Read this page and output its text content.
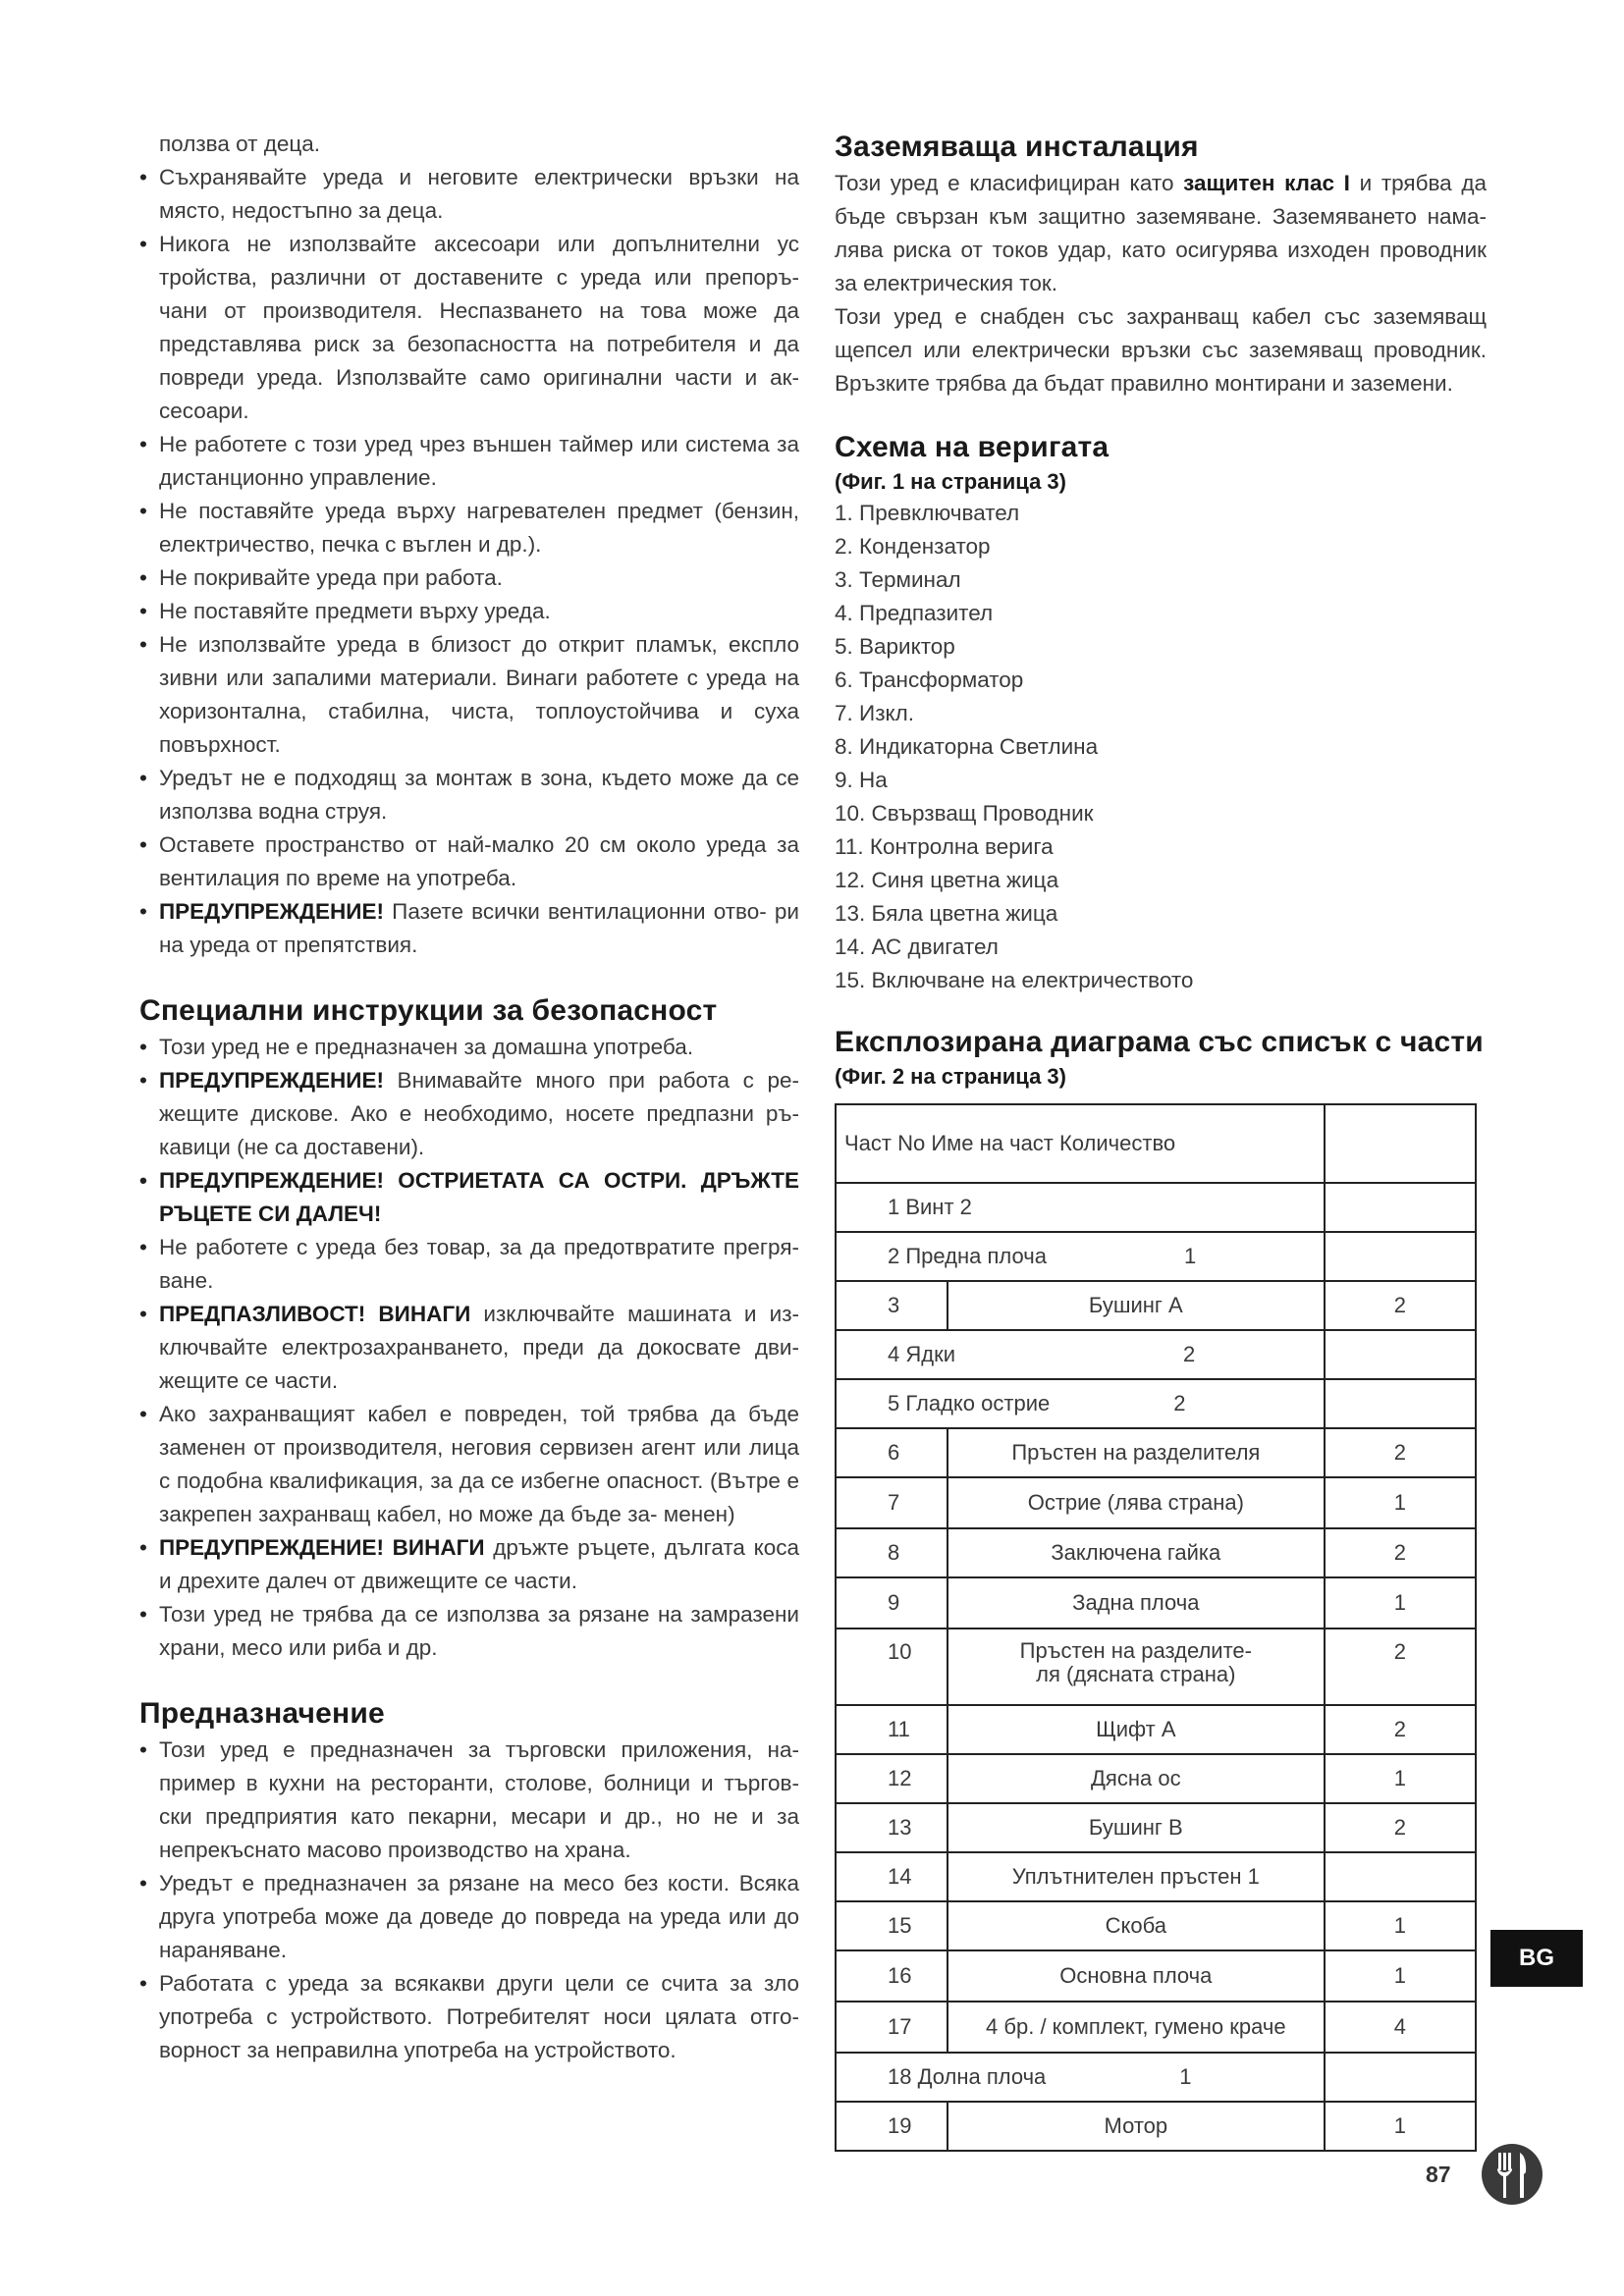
ползва от деца.

• Съхранявайте уреда и неговите електрически връзки на място, недостъпно за деца.
• Никога не използвайте аксесоари или допълнителни ус тройства, различни от доставените с уреда или препоръ- чани от производителя. Неспазването на това може да представлява риск за безопасността на потребителя и да повреди уреда. Използвайте само оригинални части и ак- сесоари.
• Не работете с този уред чрез външен таймер или система за дистанционно управление.
• Не поставяйте уреда върху нагревателен предмет (бензин, електричество, печка с въглен и др.).
• Не покривайте уреда при работа.
• Не поставяйте предмети върху уреда.
• Не използвайте уреда в близост до открит пламък, експло зивни или запалими материали. Винаги работете с уреда на хоризонтална, стабилна, чиста, топлоустойчива и суха повърхност.
• Уредът не е подходящ за монтаж в зона, където може да се използва водна струя.
• Оставете пространство от най-малко 20 см около уреда за вентилация по време на употреба.
• ПРЕДУПРЕЖДЕНИЕ! Пазете всички вентилационни отво- ри на уреда от препятствия.
Специални инструкции за безопасност
• Този уред не е предназначен за домашна употреба.
• ПРЕДУПРЕЖДЕНИЕ! Внимавайте много при работа с ре- жещите дискове. Ако е необходимо, носете предпазни ръ- кавици (не са доставени).
• ПРЕДУПРЕЖДЕНИЕ! ОСТРИЕТАТА СА ОСТРИ. ДРЪЖТЕ РЪЦЕТЕ СИ ДАЛЕЧ!
• Не работете с уреда без товар, за да предотвратите прегря- ване.
• ПРЕДПАЗЛИВОСТ! ВИНАГИ изключвайте машината и из- ключвайте електрозахранването, преди да докосвате дви- жещите се части.
• Ако захранващият кабел е повреден, той трябва да бъде заменен от производителя, неговия сервизен агент или лица с подобна квалификация, за да се избегне опасност. (Вътре е закрепен захранващ кабел, но може да бъде за- менен)
• ПРЕДУПРЕЖДЕНИЕ! ВИНАГИ дръжте ръцете, дългата коса и дрехите далеч от движещите се части.
• Този уред не трябва да се използва за рязане на замразени храни, месо или риба и др.
Предназначение
• Този уред е предназначен за търговски приложения, на- пример в кухни на ресторанти, столове, болници и търгов- ски предприятия като пекарни, месари и др., но не и за непрекъснато масово производство на храна.
• Уредът е предназначен за рязане на месо без кости. Всяка друга употреба може да доведе до повреда на уреда или до нараняване.
• Работата с уреда за всякакви други цели се счита за зло употреба с устройството. Потребителят носи цялата отго- ворност за неправилна употреба на устройството.
Заземяваща инсталация

Този уред е класифициран като защитен клас I и трябва да бъде свързан към защитно заземяване. Заземяването нама- лява риска от токов удар, като осигурява изходен проводник за електрическия ток.

Този уред е снабден със захранващ кабел със заземяващ щепсел или електрически връзки със заземяващ проводник. Връзките трябва да бъдат правилно монтирани и заземени.

Схема на веригата

(Фиг. 1 на страница 3)

1. Превключвател
2. Кондензатор
3. Терминал
4. Предпазител
5. Вариктор
6. Трансформатор
7. Изкл.
8. Индикаторна Светлина
9. На
10. Свързващ Проводник
11. Контролна верига
12. Синя цветна жица
13. Бяла цветна жица
14. АС двигател
15. Включване на електричеството
Експлозирана диаграма със списък с части

(Фиг. 2 на страница 3)

Част No Име на част Количество		
1 Винт 2		
2 Предна плоча 1		
3	Бушинг А	2
4 Ядки 2		
5 Гладко острие 2		
6	Пръстен на разделителя	2
7	Острие (лява страна)	1
8	Заключена гайка	2
9	Задна плоча	1
10	Пръстен на разделите-
ля (дясната страна)	2
11	Щифт А	2
12	Дясна ос	1
13	Бушинг B	2
14	Уплътнителен пръстен 1	
15	Скоба	1
16	Основна плоча	1
17	4 бр. / комплект, гумено краче	4
18 Долна плоча 1		
19	Мотор	1
BG
87
